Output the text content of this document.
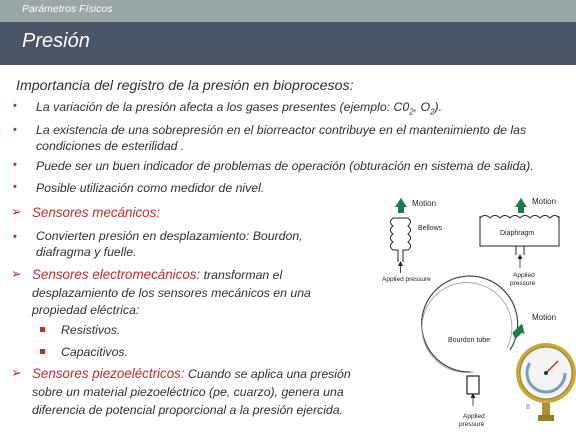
Parámetros Físicos
Presión
Importancia del registro de la presión en bioprocesos:
• La variación de la presión afecta a los gases presentes (ejemplo: $C0_2$, $O_2$).
• La existencia de una sobrepresión en el biorreactor contribuye en el mantenimiento de las
condiciones de esterilidad .
• Puede ser un buen indicador de problemas de operación (obturación en sistema de salida).
• Posible utilización como medidor de nivel.
➢ Sensores mecánicos:
• Convierten presión en desplazamiento: Bourdon,
diafragma y fuelle.
➢ Sensores electromecánicos: transforman el
desplazamiento de los sensores mecánicos en una
propiedad eléctrica:
Resistivos.
Capacitivos.
➢ Sensores piezoeléctricos: Cuando se aplica una presión
sobre un material piezoeléctrico (pe, cuarzo), genera una
diferencia de potencial proporcional a la presión ejercida.
Motion
Bellows
Applied pressure
Motion
Diaphragm
Applied
pressure
Bourdon tube
Applied
pressure
Motion
8
